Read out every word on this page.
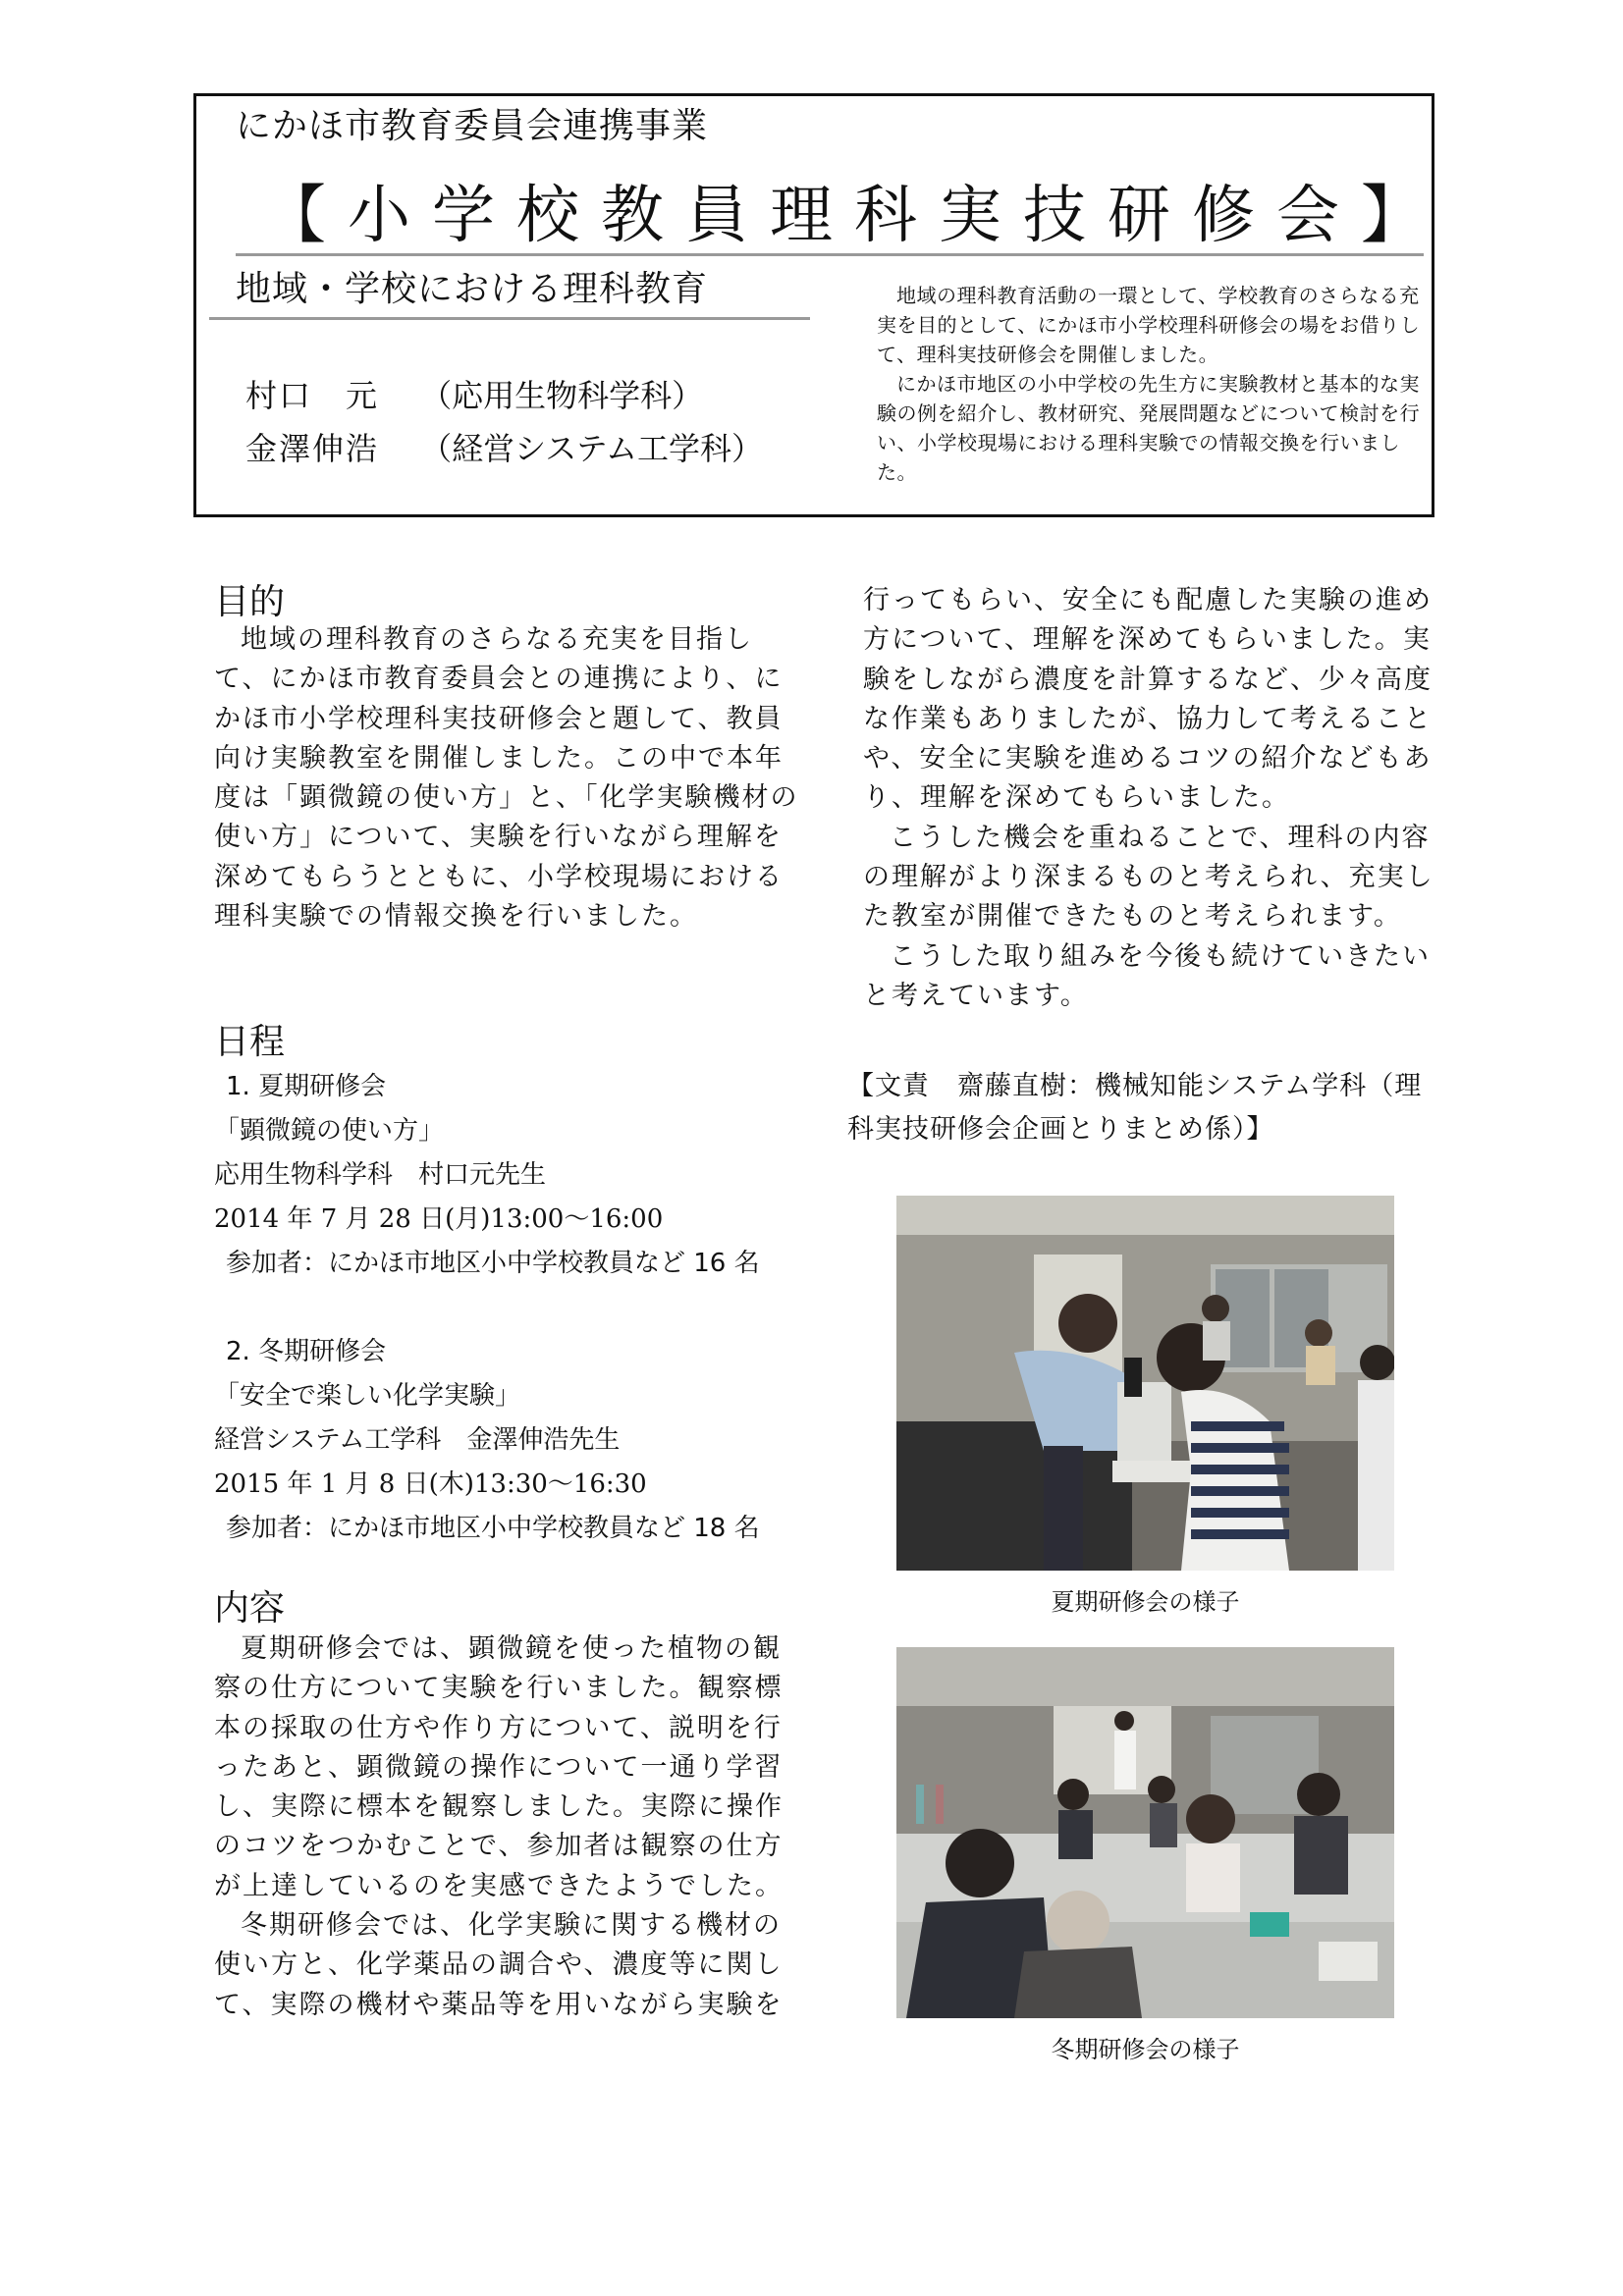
にかほ市教育委員会連携事業
【小学校教員理科実技研修会】
地域・学校における理科教育
村口　元 （応用生物科学科）
金澤伸浩 （経営システム工学科）

地域の理科教育活動の一環として、学校教育のさらなる充実を目的として、にかほ市小学校理科研修会の場をお借りして、理科実技研修会を開催しました。

にかほ市地区の小中学校の先生方に実験教材と基本的な実験の例を紹介し、教材研究、発展問題などについて検討を行い、小学校現場における理科実験での情報交換を行いました。

目的

地域の理科教育のさらなる充実を目指して、にかほ市教育委員会との連携により、にかほ市小学校理科実技研修会と題して、教員向け実験教室を開催しました。この中で本年度は「顕微鏡の使い方」と、「化学実験機材の使い方」について、実験を行いながら理解を深めてもらうとともに、小学校現場における理科実験での情報交換を行いました。

日程
1. 夏期研修会
「顕微鏡の使い方」
応用生物科学科　村口元先生
2014 年 7 月 28 日(月)13:00～16:00
参加者：にかほ市地区小中学校教員など 16 名
2. 冬期研修会
「安全で楽しい化学実験」
経営システム工学科　金澤伸浩先生
2015 年 1 月 8 日(木)13:30～16:30
参加者：にかほ市地区小中学校教員など 18 名
内容

夏期研修会では、顕微鏡を使った植物の観察の仕方について実験を行いました。観察標本の採取の仕方や作り方について、説明を行ったあと、顕微鏡の操作について一通り学習し、実際に標本を観察しました。実際に操作のコツをつかむことで、参加者は観察の仕方が上達しているのを実感できたようでした。

冬期研修会では、化学実験に関する機材の使い方と、化学薬品の調合や、濃度等に関して、実際の機材や薬品等を用いながら実験を

行ってもらい、安全にも配慮した実験の進め方について、理解を深めてもらいました。実験をしながら濃度を計算するなど、少々高度な作業もありましたが、協力して考えることや、安全に実験を進めるコツの紹介などもあり、理解を深めてもらいました。

こうした機会を重ねることで、理科の内容の理解がより深まるものと考えられ、充実した教室が開催できたものと考えられます。

こうした取り組みを今後も続けていきたいと考えています。

【文責　齋藤直樹：機械知能システム学科（理科実技研修会企画とりまとめ係）】
夏期研修会の様子
冬期研修会の様子
